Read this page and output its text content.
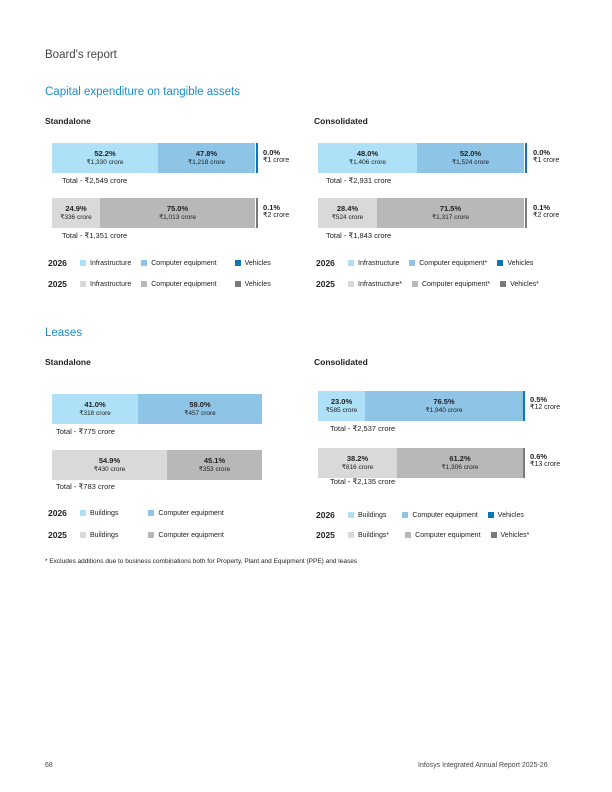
Board's report
Capital expenditure on tangible assets
Standalone
52.2%
₹1,330 crore
47.8%
₹1,218 crore
0.0%
₹1 crore
Total - ₹2,549 crore
24.9%
₹336 crore
75.0%
₹1,013 crore
0.1%
₹2 crore
Total - ₹1,351 crore
2026	Infrastructure	Computer equipment	Vehicles
2025	Infrastructure	Computer equipment	Vehicles
Consolidated
48.0%
₹1,406 crore
52.0%
₹1,524 crore
0.0%
₹1 crore
Total - ₹2,931 crore
28.4%
₹524 crore
71.5%
₹1,317 crore
0.1%
₹2 crore
Total - ₹1,843 crore
2026	Infrastructure	Computer equipment*	Vehicles
2025	Infrastructure*	Computer equipment*	Vehicles*
Leases
Standalone
41.0%
₹318 crore
59.0%
₹457 crore
Total - ₹775 crore
54.9%
₹430 crore
45.1%
₹353 crore
Total - ₹783 crore
2026	Buildings	Computer equipment
2025	Buildings	Computer equipment
Consolidated
23.0%
₹585 crore
76.5%
₹1,940 crore
0.5%
₹12 crore
Total - ₹2,537 crore
38.2%
₹816 crore
61.2%
₹1,306 crore
0.6%
₹13 crore
Total - ₹2,135 crore
2026	Buildings	Computer equipment	Vehicles
2025	Buildings*	Computer equipment	Vehicles*
* Excludes additions due to business combinations both for Property, Plant and Equipment (PPE) and leases
68	Infosys Integrated Annual Report 2025-26
